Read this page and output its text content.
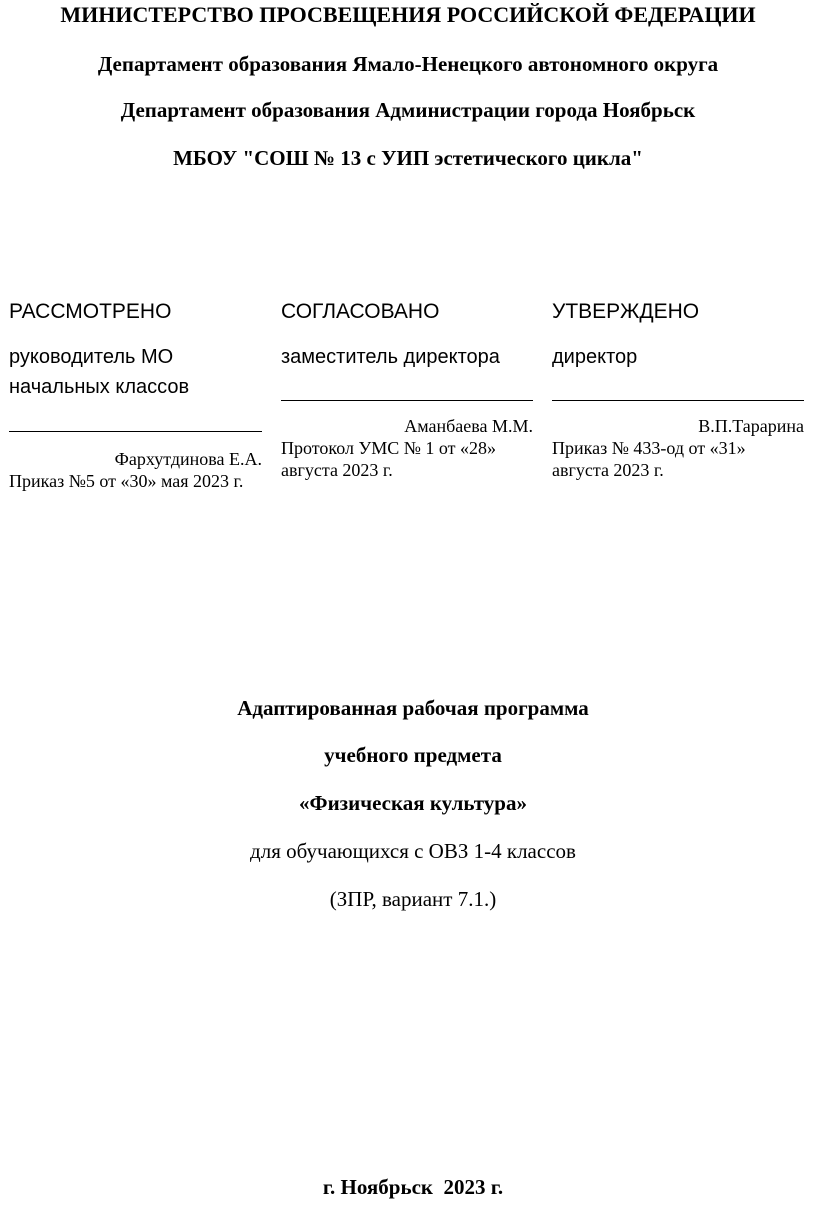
МИНИСТЕРСТВО ПРОСВЕЩЕНИЯ РОССИЙСКОЙ ФЕДЕРАЦИИ
Департамент образования Ямало-Ненецкого автономного округа
Департамент образования Администрации города Ноябрьск
МБОУ "СОШ № 13 с УИП эстетического цикла"
РАССМОТРЕНО
руководитель МО начальных классов
Фархутдинова Е.А.
Приказ №5 от «30» мая 2023 г.
СОГЛАСОВАНО
заместитель директора
Аманбаева М.М.
Протокол УМС № 1 от «28» августа 2023 г.
УТВЕРЖДЕНО
директор
В.П.Тарарина
Приказ № 433-од от «31» августа 2023 г.
Адаптированная рабочая программа
учебного предмета
«Физическая культура»
для обучающихся с ОВЗ 1-4 классов
(ЗПР, вариант 7.1.)
г. Ноябрьск  2023 г.
